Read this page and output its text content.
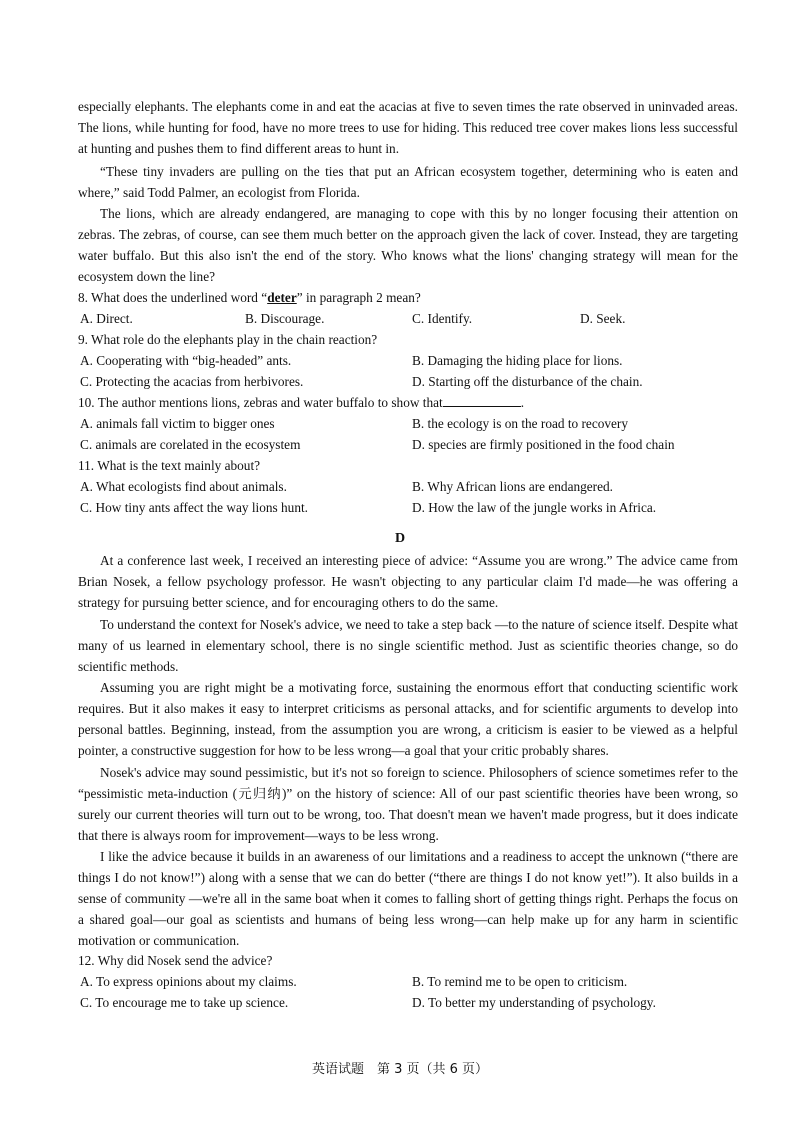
especially elephants. The elephants come in and eat the acacias at five to seven times the rate observed in uninvaded areas. The lions, while hunting for food, have no more trees to use for hiding. This reduced tree cover makes lions less successful at hunting and pushes them to find different areas to hunt in.

“These tiny invaders are pulling on the ties that put an African ecosystem together, determining who is eaten and where,” said Todd Palmer, an ecologist from Florida.

The lions, which are already endangered, are managing to cope with this by no longer focusing their attention on zebras. The zebras, of course, can see them much better on the approach given the lack of cover. Instead, they are targeting water buffalo. But this also isn't the end of the story. Who knows what the lions' changing strategy will mean for the ecosystem down the line?

8. What does the underlined word “deter” in paragraph 2 mean?
A. Direct.	B. Discourage.	C. Identify.	D. Seek.
9. What role do the elephants play in the chain reaction?
A. Cooperating with “big-headed” ants.	B. Damaging the hiding place for lions.
C. Protecting the acacias from herbivores.	D. Starting off the disturbance of the chain.
10. The author mentions lions, zebras and water buffalo to show that	.
A. animals fall victim to bigger ones	B. the ecology is on the road to recovery
C. animals are corelated in the ecosystem	D. species are firmly positioned in the food chain
11. What is the text mainly about?
A. What ecologists find about animals.	B. Why African lions are endangered.
C. How tiny ants affect the way lions hunt.	D. How the law of the jungle works in Africa.
D

At a conference last week, I received an interesting piece of advice: “Assume you are wrong.” The advice came from Brian Nosek, a fellow psychology professor. He wasn't objecting to any particular claim I'd made—he was offering a strategy for pursuing better science, and for encouraging others to do the same.

To understand the context for Nosek's advice, we need to take a step back —to the nature of science itself. Despite what many of us learned in elementary school, there is no single scientific method. Just as scientific theories change, so do scientific methods.

Assuming you are right might be a motivating force, sustaining the enormous effort that conducting scientific work requires. But it also makes it easy to interpret criticisms as personal attacks, and for scientific arguments to develop into personal battles. Beginning, instead, from the assumption you are wrong, a criticism is easier to be viewed as a helpful pointer, a constructive suggestion for how to be less wrong—a goal that your critic probably shares.

Nosek's advice may sound pessimistic, but it's not so foreign to science. Philosophers of science sometimes refer to the “pessimistic meta-induction (元归纳)” on the history of science: All of our past scientific theories have been wrong, so surely our current theories will turn out to be wrong, too. That doesn't mean we haven't made progress, but it does indicate that there is always room for improvement—ways to be less wrong.

I like the advice because it builds in an awareness of our limitations and a readiness to accept the unknown (“there are things I do not know!”) along with a sense that we can do better (“there are things I do not know yet!”). It also builds in a sense of community —we're all in the same boat when it comes to falling short of getting things right. Perhaps the focus on a shared goal—our goal as scientists and humans of being less wrong—can help make up for any harm in scientific motivation or communication.

12. Why did Nosek send the advice?
A. To express opinions about my claims.	B. To remind me to be open to criticism.
C. To encourage me to take up science.	D. To better my understanding of psychology.
英语试题　第 3 页（共 6 页）
